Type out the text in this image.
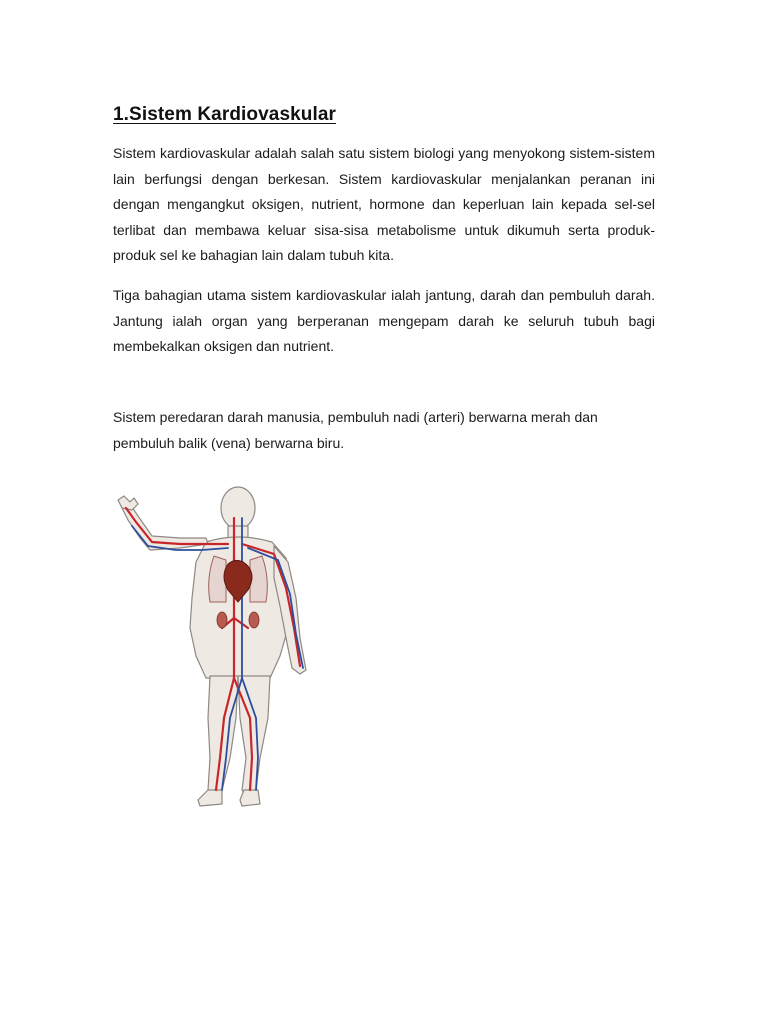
1.Sistem Kardiovaskular

Sistem kardiovaskular adalah salah satu sistem biologi yang menyokong sistem-sistem lain berfungsi dengan berkesan. Sistem kardiovaskular menjalankan peranan ini dengan mengangkut oksigen, nutrient, hormone dan keperluan lain kepada sel-sel terlibat dan membawa keluar sisa-sisa metabolisme untuk dikumuh serta produk-produk sel ke bahagian lain dalam tubuh kita.

Tiga bahagian utama sistem kardiovaskular ialah jantung, darah dan pembuluh darah. Jantung ialah organ yang berperanan mengepam darah ke seluruh tubuh bagi membekalkan oksigen dan nutrient.

Sistem peredaran darah manusia, pembuluh nadi (arteri) berwarna merah dan pembuluh balik (vena) berwarna biru.
